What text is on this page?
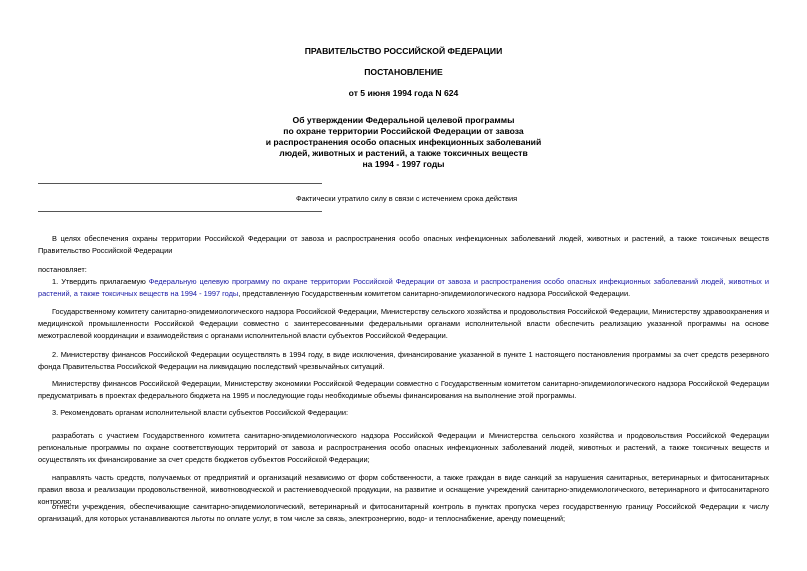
ПРАВИТЕЛЬСТВО РОССИЙСКОЙ ФЕДЕРАЦИИ
ПОСТАНОВЛЕНИЕ
от 5 июня 1994 года N 624
Об утверждении Федеральной целевой программы
по охране территории Российской Федерации от завоза
и распространения особо опасных инфекционных заболеваний
людей, животных и растений, а также токсичных веществ
на 1994 - 1997 годы
Фактически утратило силу в связи с истечением срока действия
В целях обеспечения охраны территории Российской Федерации от завоза и распространения особо опасных инфекционных заболеваний людей, животных и растений, а также токсичных веществ Правительство Российской Федерации
постановляет:
1. Утвердить прилагаемую Федеральную целевую программу по охране территории Российской Федерации от завоза и распространения особо опасных инфекционных заболеваний людей, животных и растений, а также токсичных веществ на 1994 - 1997 годы, представленную Государственным комитетом санитарно-эпидемиологического надзора Российской Федерации.
Государственному комитету санитарно-эпидемиологического надзора Российской Федерации, Министерству сельского хозяйства и продовольствия Российской Федерации, Министерству здравоохранения и медицинской промышленности Российской Федерации совместно с заинтересованными федеральными органами исполнительной власти обеспечить реализацию указанной программы на основе межотраслевой координации и взаимодействия с органами исполнительной власти субъектов Российской Федерации.
2. Министерству финансов Российской Федерации осуществлять в 1994 году, в виде исключения, финансирование указанной в пункте 1 настоящего постановления программы за счет средств резервного фонда Правительства Российской Федерации на ликвидацию последствий чрезвычайных ситуаций.
Министерству финансов Российской Федерации, Министерству экономики Российской Федерации совместно с Государственным комитетом санитарно-эпидемиологического надзора Российской Федерации предусматривать в проектах федерального бюджета на 1995 и последующие годы необходимые объемы финансирования на выполнение этой программы.
3. Рекомендовать органам исполнительной власти субъектов Российской Федерации:
разработать с участием Государственного комитета санитарно-эпидемиологического надзора Российской Федерации и Министерства сельского хозяйства и продовольствия Российской Федерации региональные программы по охране соответствующих территорий от завоза и распространения особо опасных инфекционных заболеваний людей, животных и растений, а также токсичных веществ и осуществлять их финансирование за счет средств бюджетов субъектов Российской Федерации;
направлять часть средств, получаемых от предприятий и организаций независимо от форм собственности, а также граждан в виде санкций за нарушения санитарных, ветеринарных и фитосанитарных правил ввоза и реализации продовольственной, животноводческой и растениеводческой продукции, на развитие и оснащение учреждений санитарно-эпидемиологического, ветеринарного и фитосанитарного контроля;
отнести учреждения, обеспечивающие санитарно-эпидемиологический, ветеринарный и фитосанитарный контроль в пунктах пропуска через государственную границу Российской Федерации к числу организаций, для которых устанавливаются льготы по оплате услуг, в том числе за связь, электроэнергию, водо- и теплоснабжение, аренду помещений;
